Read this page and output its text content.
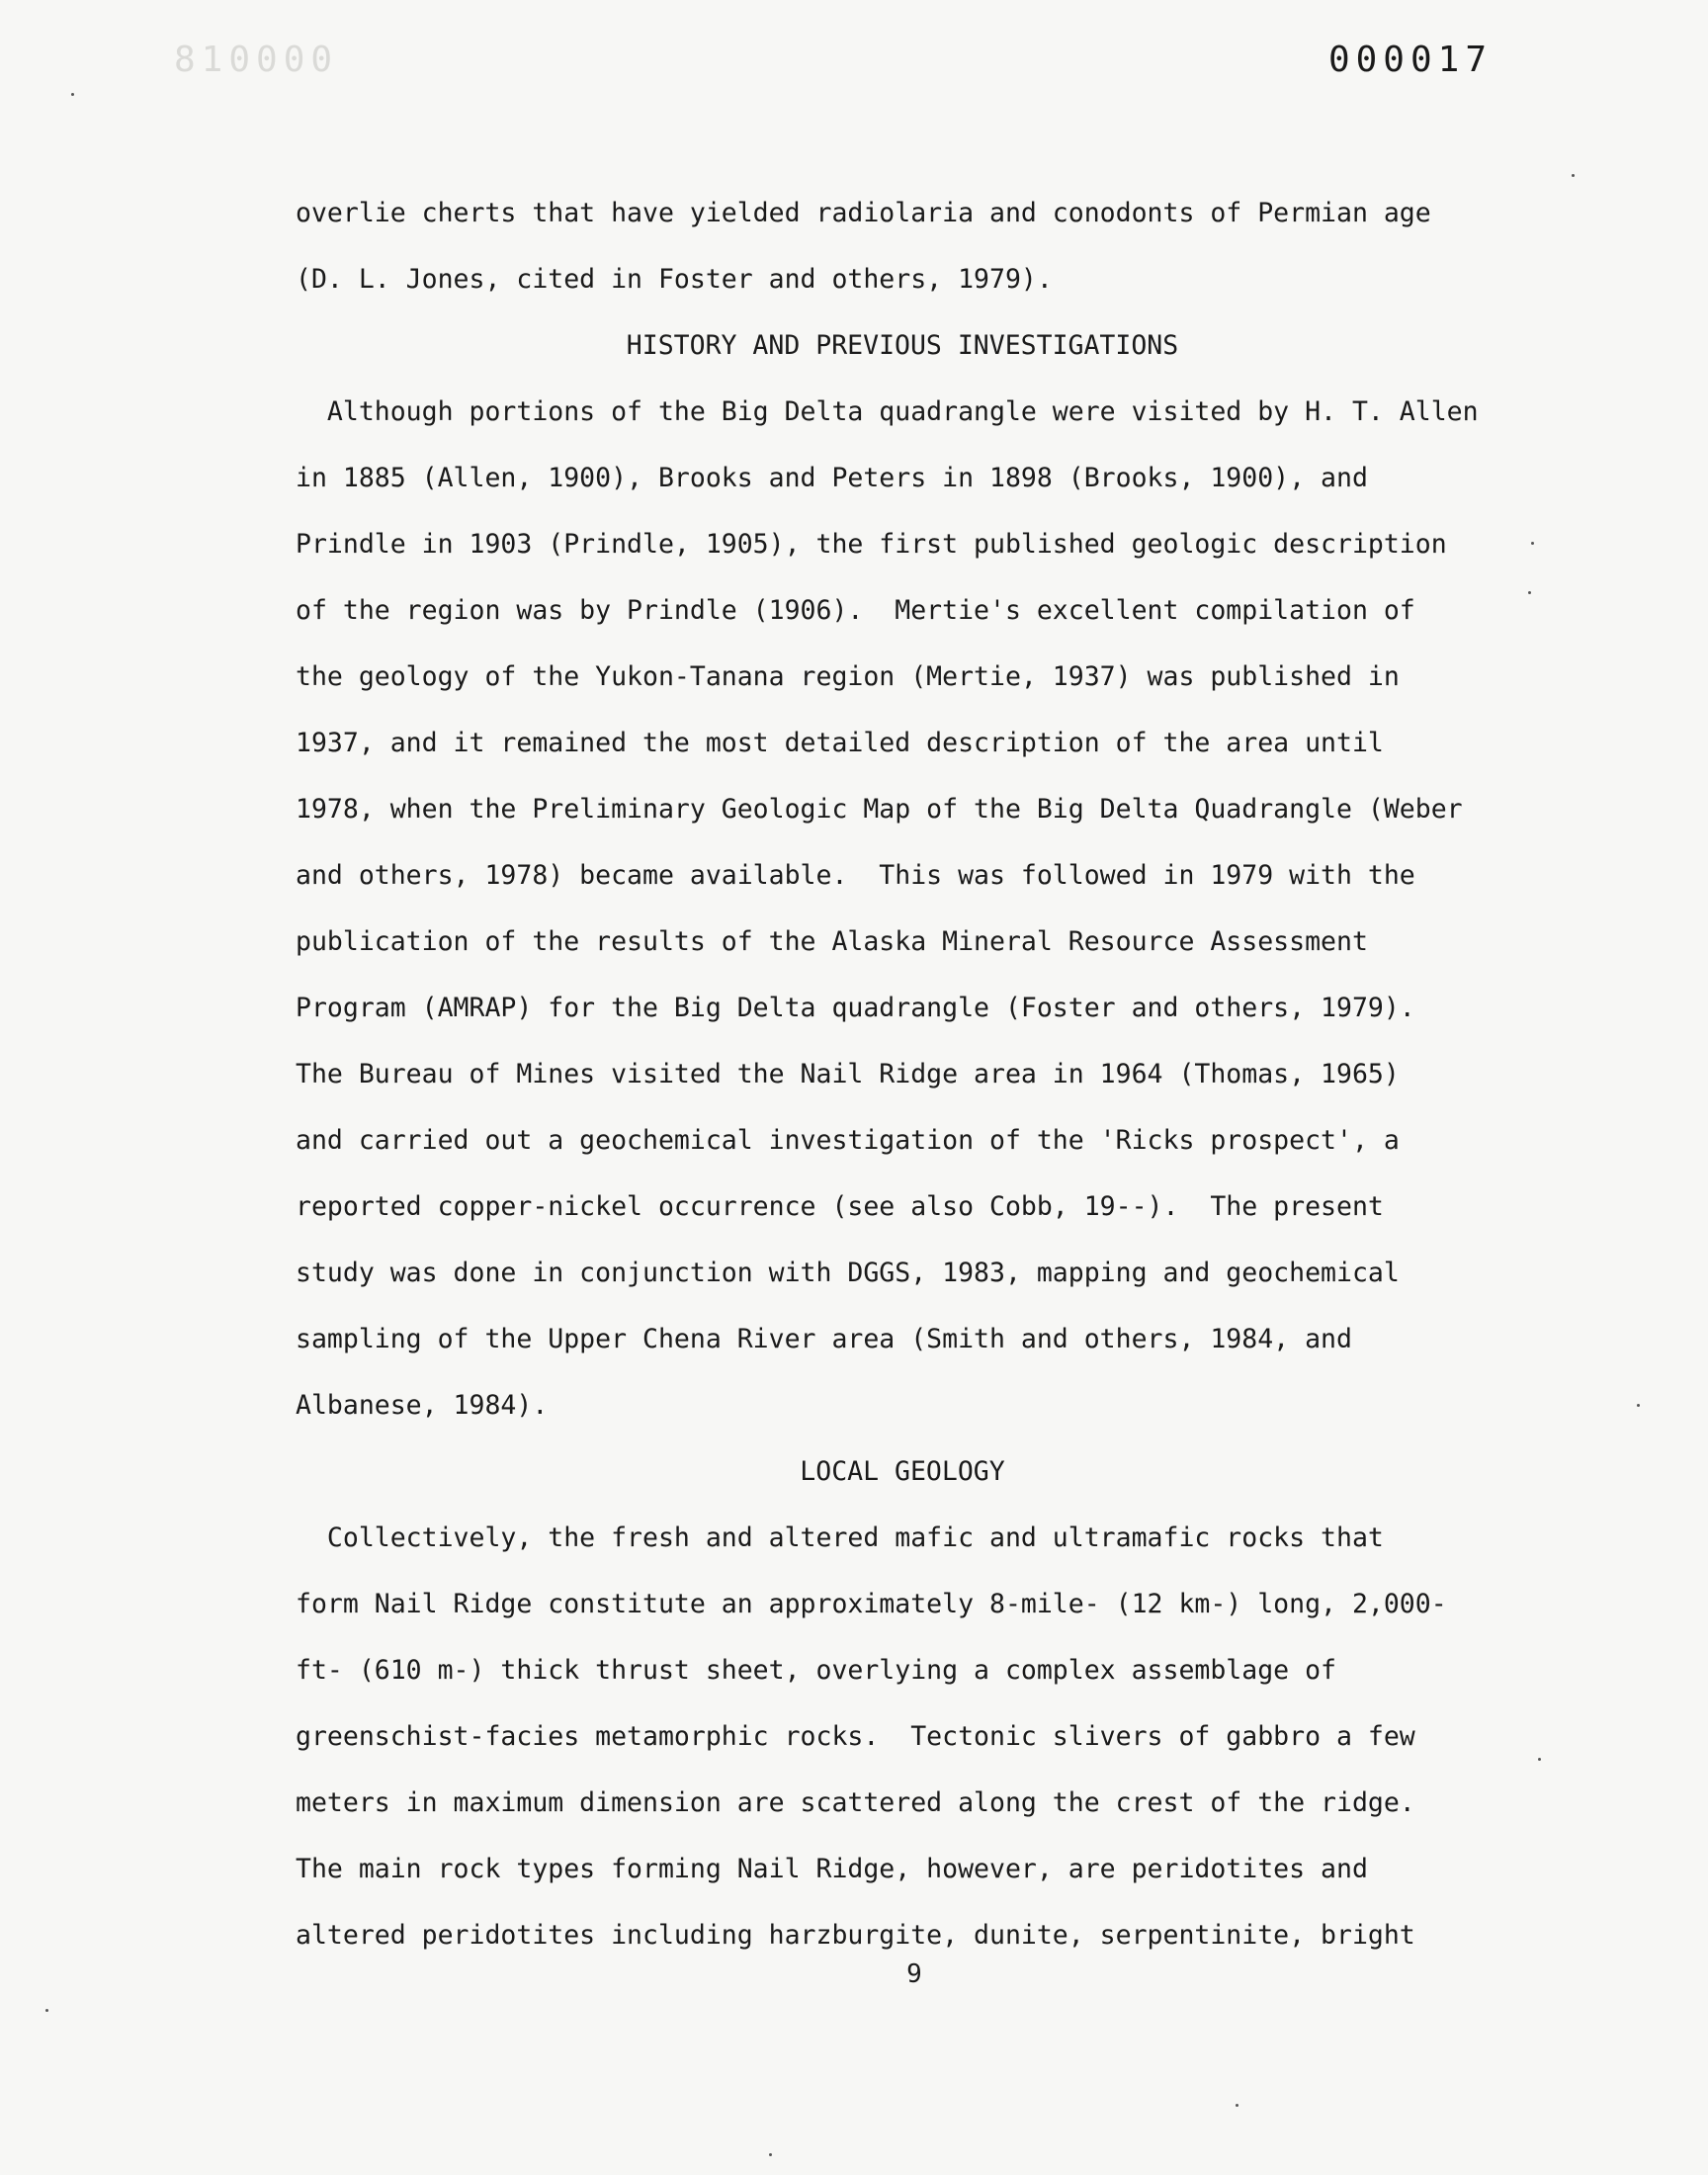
810000	000017
overlie cherts that have yielded radiolaria and conodonts of Permian age
(D. L. Jones, cited in Foster and others, 1979).
HISTORY AND PREVIOUS INVESTIGATIONS
Although portions of the Big Delta quadrangle were visited by H. T. Allen
in 1885 (Allen, 1900), Brooks and Peters in 1898 (Brooks, 1900), and
Prindle in 1903 (Prindle, 1905), the first published geologic description
of the region was by Prindle (1906).  Mertie's excellent compilation of
the geology of the Yukon-Tanana region (Mertie, 1937) was published in
1937, and it remained the most detailed description of the area until
1978, when the Preliminary Geologic Map of the Big Delta Quadrangle (Weber
and others, 1978) became available.  This was followed in 1979 with the
publication of the results of the Alaska Mineral Resource Assessment
Program (AMRAP) for the Big Delta quadrangle (Foster and others, 1979).
The Bureau of Mines visited the Nail Ridge area in 1964 (Thomas, 1965)
and carried out a geochemical investigation of the 'Ricks prospect', a
reported copper-nickel occurrence (see also Cobb, 19--).  The present
study was done in conjunction with DGGS, 1983, mapping and geochemical
sampling of the Upper Chena River area (Smith and others, 1984, and
Albanese, 1984).
LOCAL GEOLOGY
Collectively, the fresh and altered mafic and ultramafic rocks that
form Nail Ridge constitute an approximately 8-mile- (12 km-) long, 2,000-
ft- (610 m-) thick thrust sheet, overlying a complex assemblage of
greenschist-facies metamorphic rocks.  Tectonic slivers of gabbro a few
meters in maximum dimension are scattered along the crest of the ridge.
The main rock types forming Nail Ridge, however, are peridotites and
altered peridotites including harzburgite, dunite, serpentinite, bright
9
